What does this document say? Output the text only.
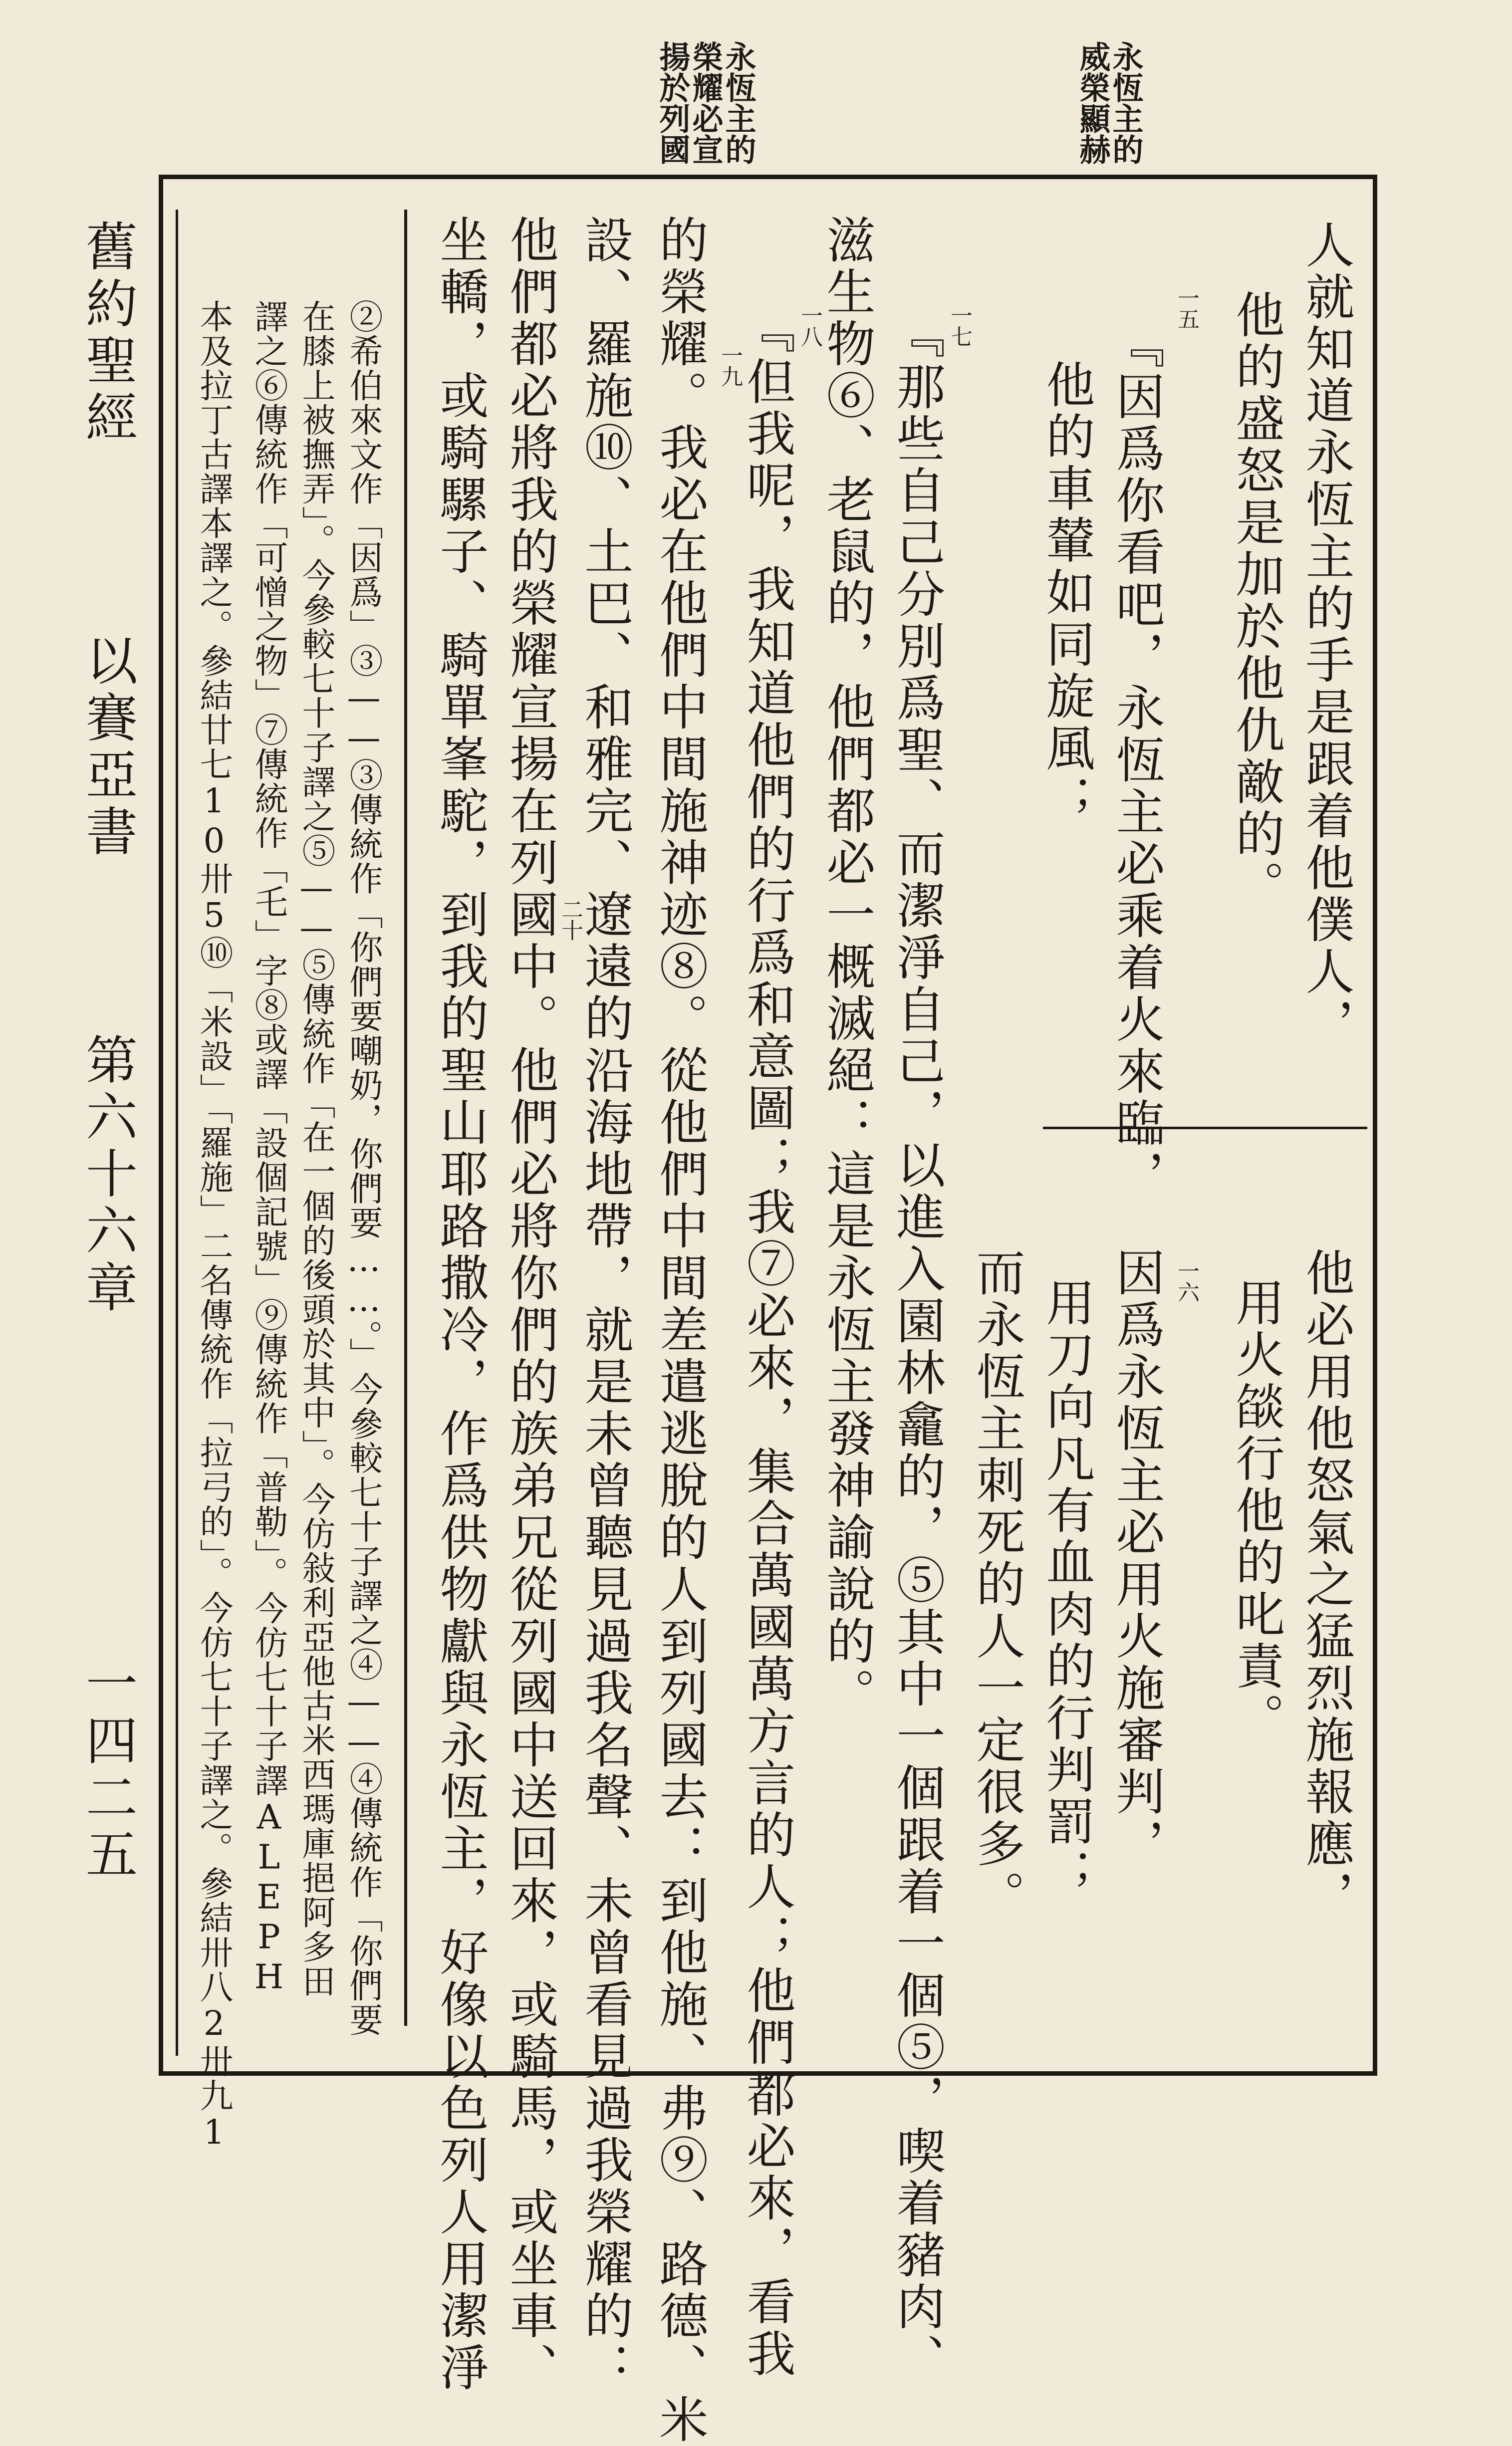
永恆主的
威榮顯赫
永恆主的
榮耀必宣
揚於列國
人就知道永恆主的手是跟着他僕人，
他的盛怒是加於他仇敵的。
一五
『因爲你看吧，永恆主必乘着火來臨，
他的車輦如同旋風；
他必用他怒氣之猛烈施報應，
用火燄行他的叱責。
一六
因爲永恆主必用火施審判，
用刀向凡有血肉的行判罰；
而永恆主刺死的人一定很多。
一七
『那些自己分別爲聖、而潔淨自己，以進入園林龕的，⑤其中一個跟着一個⑤，喫着豬肉、
滋生物⑥、老鼠的，他們都必一概滅絕：這是永恆主發神諭說的。
一八
『但我呢，我知道他們的行爲和意圖；我⑦必來，集合萬國萬方言的人；他們都必來，看我
一九
的榮耀。我必在他們中間施神迹⑧。從他們中間差遣逃脫的人到列國去：到他施、弗⑨、路德、米
設、羅施⑩、土巴、和雅完、遼遠的沿海地帶，就是未曾聽見過我名聲、未曾看見過我榮耀的：
二十
他們都必將我的榮耀宣揚在列國中。他們必將你們的族弟兄從列國中送回來，或騎馬，或坐車、
坐轎，或騎騾子、騎單峯駝，到我的聖山耶路撒冷，作爲供物獻與永恆主，好像以色列人用潔淨
②希伯來文作「因爲」③——③傳統作「你們要嘲奶，你們要……。」今參較七十子譯之④——④傳統作「你們要
在膝上被撫弄」。今參較七十子譯之⑤——⑤傳統作「在一個的後頭於其中」。今仿敍利亞他古米西瑪庫挹阿多田
譯之⑥傳統作「可憎之物」⑦傳統作「乇」字⑧或譯「設個記號」⑨傳統作「普勒」。今仿七十子譯ALEPH
本及拉丁古譯本譯之。參結廿七10卅5⑩「米設」「羅施」二名傳統作「拉弓的」。今仿七十子譯之。參結卅八2卅九1
舊約聖經
以賽亞書
第六十六章
一四二五
